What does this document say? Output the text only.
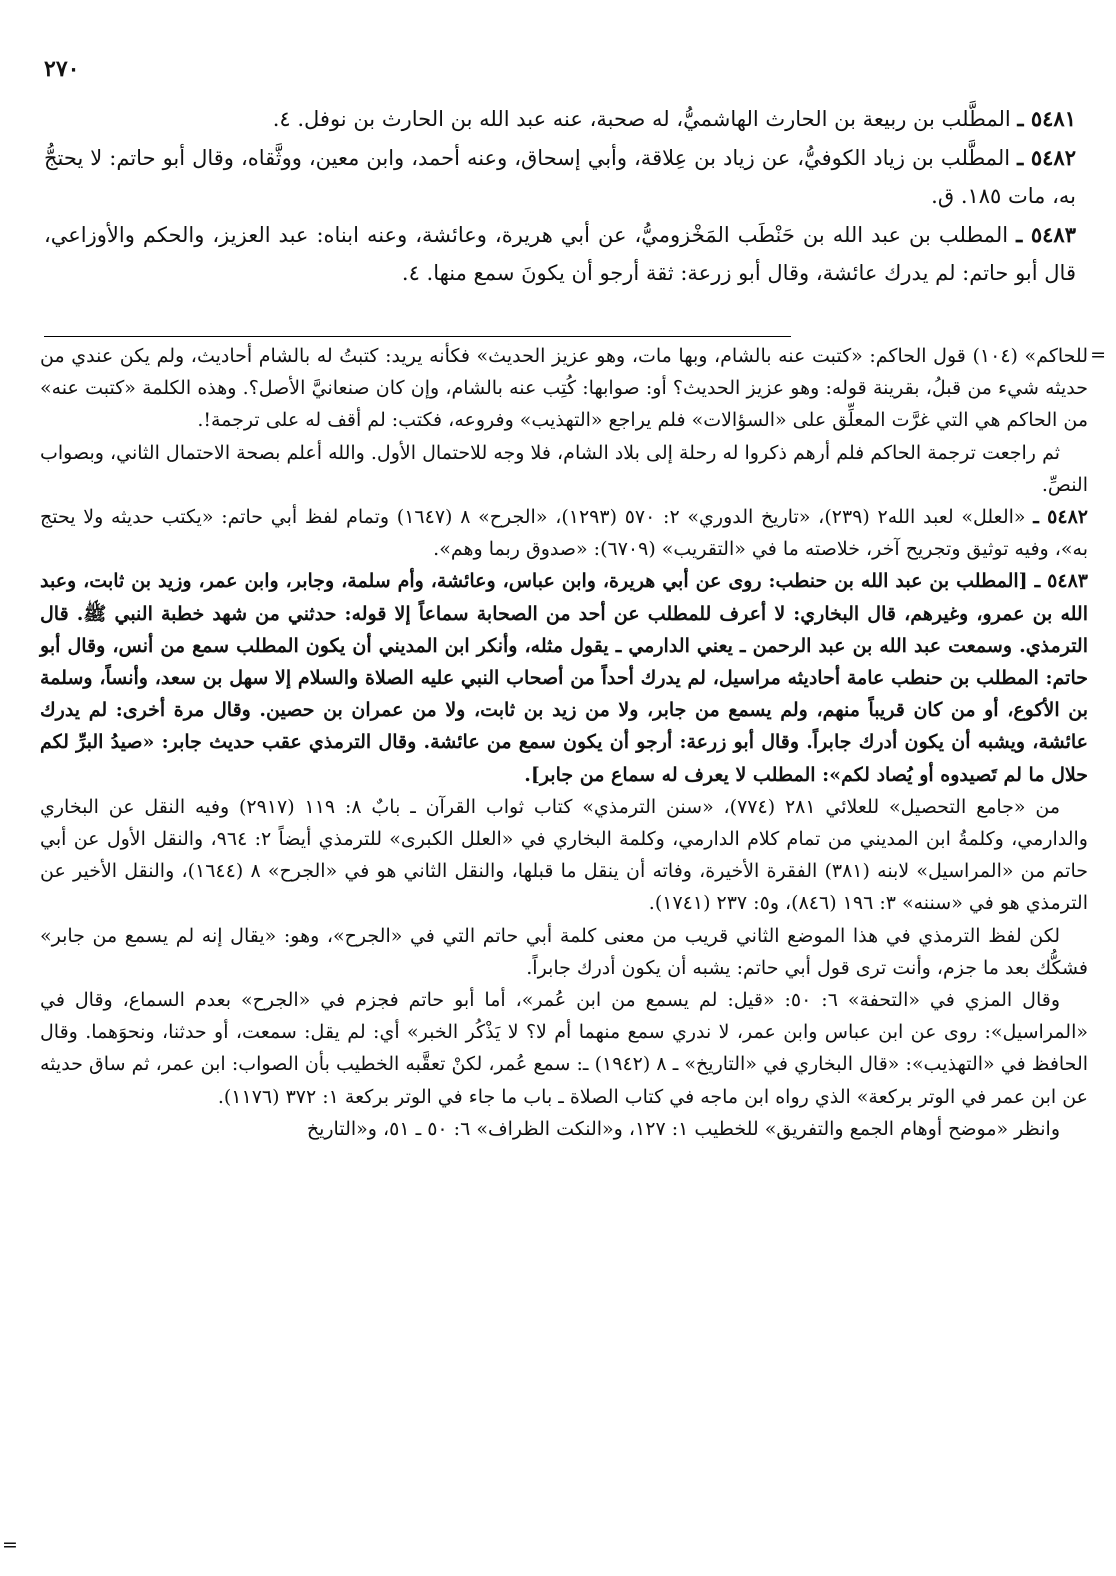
٢٧٠

٥٤٨١ ـ المطَّلب بن ربيعة بن الحارث الهاشميُّ، له صحبة، عنه عبد الله بن الحارث بن نوفل. ٤.

٥٤٨٢ ـ المطَّلب بن زياد الكوفيُّ، عن زياد بن عِلاقة، وأبي إسحاق، وعنه أحمد، وابن معين، ووثَّقاه، وقال أبو حاتم: لا يحتجُّ به، مات ١٨٥. ق.

٥٤٨٣ ـ المطلب بن عبد الله بن حَنْطَب المَخْزوميُّ، عن أبي هريرة، وعائشة، وعنه ابناه: عبد العزيز، والحكم والأوزاعي، قال أبو حاتم: لم يدرك عائشة، وقال أبو زرعة: ثقة أرجو أن يكونَ سمع منها. ٤.

=

للحاكم» (١٠٤) قول الحاكم: «كتبت عنه بالشام، وبها مات، وهو عزيز الحديث» فكأنه يريد: كتبتُ له بالشام أحاديث، ولم يكن عندي من حديثه شيء من قبلُ، بقرينة قوله: وهو عزيز الحديث؟ أو: صوابها: كُتِب عنه بالشام، وإن كان صنعانيَّ الأصل؟. وهذه الكلمة «كتبت عنه» من الحاكم هي التي غرَّت المعلِّق على «السؤالات» فلم يراجع «التهذيب» وفروعه، فكتب: لم أقف له على ترجمة!.

ثم راجعت ترجمة الحاكم فلم أرهم ذكروا له رحلة إلى بلاد الشام، فلا وجه للاحتمال الأول. والله أعلم بصحة الاحتمال الثاني، وبصواب النصِّ.

٥٤٨٢ ـ «العلل» لعبد الله٢ (٢٣٩)، «تاريخ الدوري» ٢: ٥٧٠ (١٢٩٣)، «الجرح» ٨ (١٦٤٧) وتمام لفظ أبي حاتم: «يكتب حديثه ولا يحتج به»، وفيه توثيق وتجريح آخر، خلاصته ما في «التقريب» (٦٧٠٩): «صدوق ربما وهم».

٥٤٨٣ ـ [المطلب بن عبد الله بن حنطب: روى عن أبي هريرة، وابن عباس، وعائشة، وأم سلمة، وجابر، وابن عمر، وزيد بن ثابت، وعبد الله بن عمرو، وغيرهم، قال البخاري: لا أعرف للمطلب عن أحد من الصحابة سماعاً إلا قوله: حدثني من شهد خطبة النبي ﷺ. قال الترمذي. وسمعت عبد الله بن عبد الرحمن ـ يعني الدارمي ـ يقول مثله، وأنكر ابن المديني أن يكون المطلب سمع من أنس، وقال أبو حاتم: المطلب بن حنطب عامة أحاديثه مراسيل، لم يدرك أحداً من أصحاب النبي عليه الصلاة والسلام إلا سهل بن سعد، وأنساً، وسلمة بن الأكوع، أو من كان قريباً منهم، ولم يسمع من جابر، ولا من زيد بن ثابت، ولا من عمران بن حصين. وقال مرة أخرى: لم يدرك عائشة، ويشبه أن يكون أدرك جابراً. وقال أبو زرعة: أرجو أن يكون سمع من عائشة. وقال الترمذي عقب حديث جابر: «صيدُ البرِّ لكم حلال ما لم تَصيدوه أو يُصاد لكم»: المطلب لا يعرف له سماع من جابر].

من «جامع التحصيل» للعلائي ٢٨١ (٧٧٤)، «سنن الترمذي» كتاب ثواب القرآن ـ بابٌ ٨: ١١٩ (٢٩١٧) وفيه النقل عن البخاري والدارمي، وكلمةُ ابن المديني من تمام كلام الدارمي، وكلمة البخاري في «العلل الكبرى» للترمذي أيضاً ٢: ٩٦٤، والنقل الأول عن أبي حاتم من «المراسيل» لابنه (٣٨١) الفقرة الأخيرة، وفاته أن ينقل ما قبلها، والنقل الثاني هو في «الجرح» ٨ (١٦٤٤)، والنقل الأخير عن الترمذي هو في «سننه» ٣: ١٩٦ (٨٤٦)، و٥: ٢٣٧ (١٧٤١).

لكن لفظ الترمذي في هذا الموضع الثاني قريب من معنى كلمة أبي حاتم التي في «الجرح»، وهو: «يقال إنه لم يسمع من جابر» فشكُّك بعد ما جزم، وأنت ترى قول أبي حاتم: يشبه أن يكون أدرك جابراً.

وقال المزي في «التحفة» ٦: ٥٠: «قيل: لم يسمع من ابن عُمر»، أما أبو حاتم فجزم في «الجرح» بعدم السماع، وقال في «المراسيل»: روى عن ابن عباس وابن عمر، لا ندري سمع منهما أم لا؟ لا يَذْكُر الخبر» أي: لم يقل: سمعت، أو حدثنا، ونحوَهما. وقال الحافظ في «التهذيب»: «قال البخاري في «التاريخ» ـ ٨ (١٩٤٢) ـ: سمع عُمر، لكنْ تعقَّبه الخطيب بأن الصواب: ابن عمر، ثم ساق حديثه عن ابن عمر في الوتر بركعة» الذي رواه ابن ماجه في كتاب الصلاة ـ باب ما جاء في الوتر بركعة ١: ٣٧٢ (١١٧٦).

وانظر «موضح أوهام الجمع والتفريق» للخطيب ١: ١٢٧، و«النكت الظراف» ٦: ٥٠ ـ ٥١، و«التاريخ

=
